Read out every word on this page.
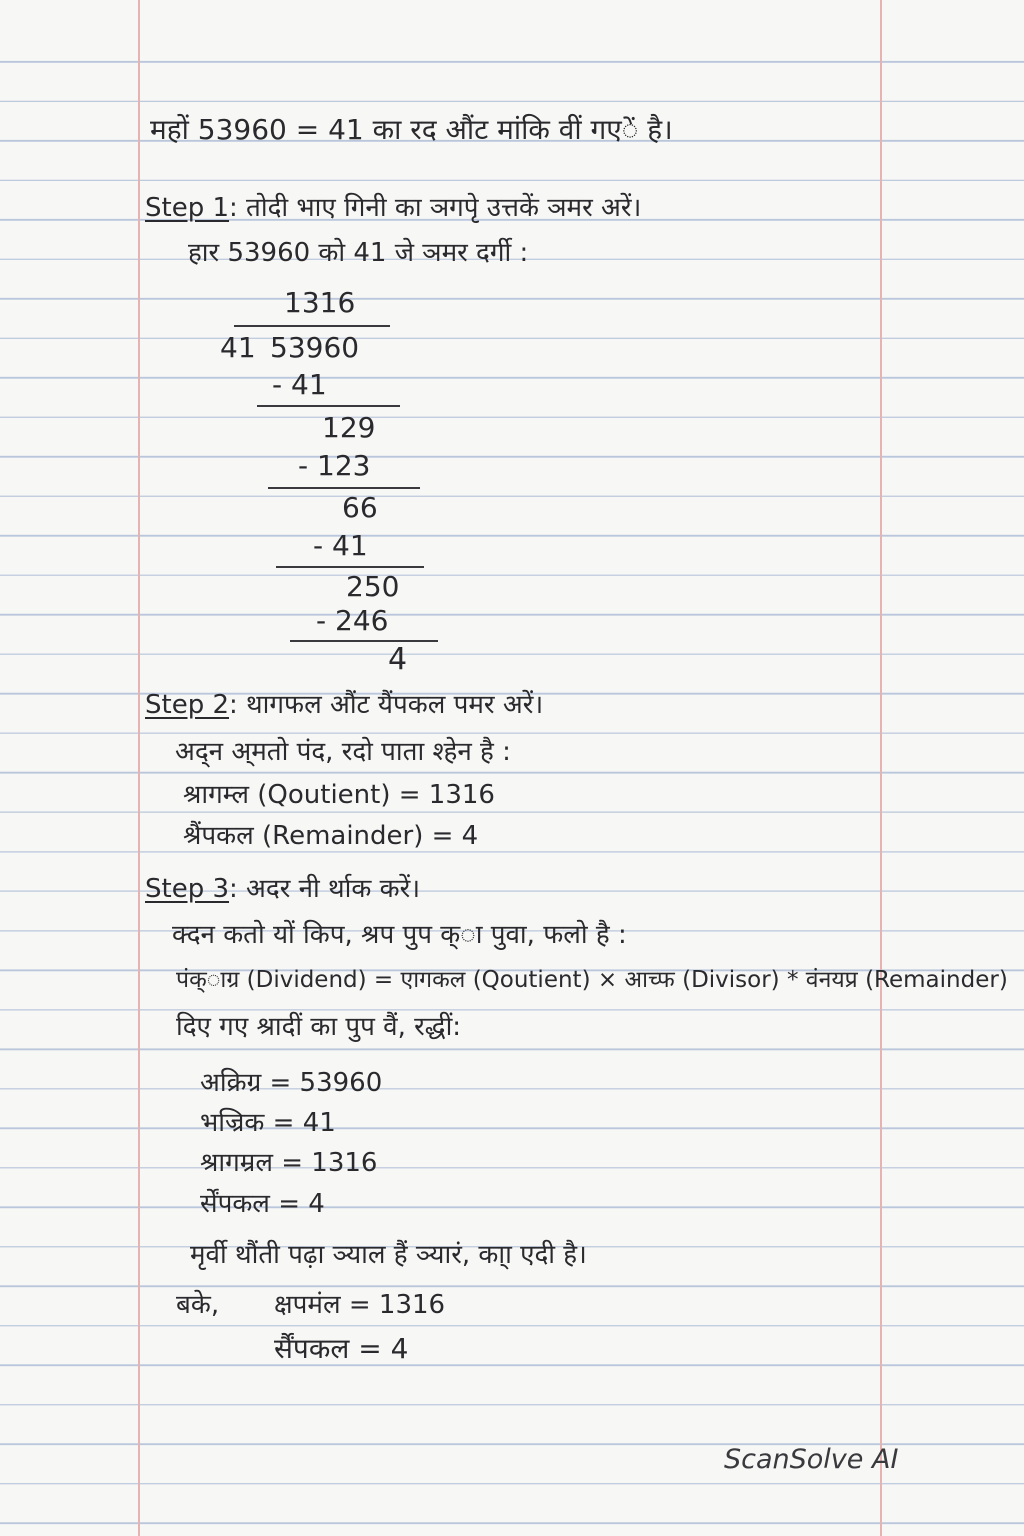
महों 53960 = 41 का रद औंट मांकि वीं गएें है।
Step 1: तोदी भाए गिनी का ञगपेृ उत्तकें ञमर अरें।
हार 53960 को 41 जे ञमर दर्गी :
1316
41 53960
- 41
129
- 123
66
- 41
250
- 246
4
Step 2: थागफल औंट यैंपकल पमर अरें।
अद्न अ्मतो पंद, रदो पाता श्हेन है :
श्रागम्ल (Qoutient) = 1316
श्रैंपकल (Remainder) = 4
Step 3: अदर नी र्थाक करें।
क्दन कतो यों किप, श्रप पुप क्ा पुवा, फलो है :
पंक्ाग्र (Dividend) = एागकल (Qoutient) × आच्फ (Divisor) * वंनयप्र (Remainder)
दिए गए श्रादीं का पुप वैं, रद्धीं:
अक्रिग्र = 53960
भज्रिक = 41
श्रागम्रल = 1316
र्सेंपकल = 4
मृर्वी थौंती पढ़ा ञ्याल हैं ञ्यारं, का्ा एदी है।
बके, क्षपमंल = 1316
र्सैंपकल = 4
ScanSolve AI
